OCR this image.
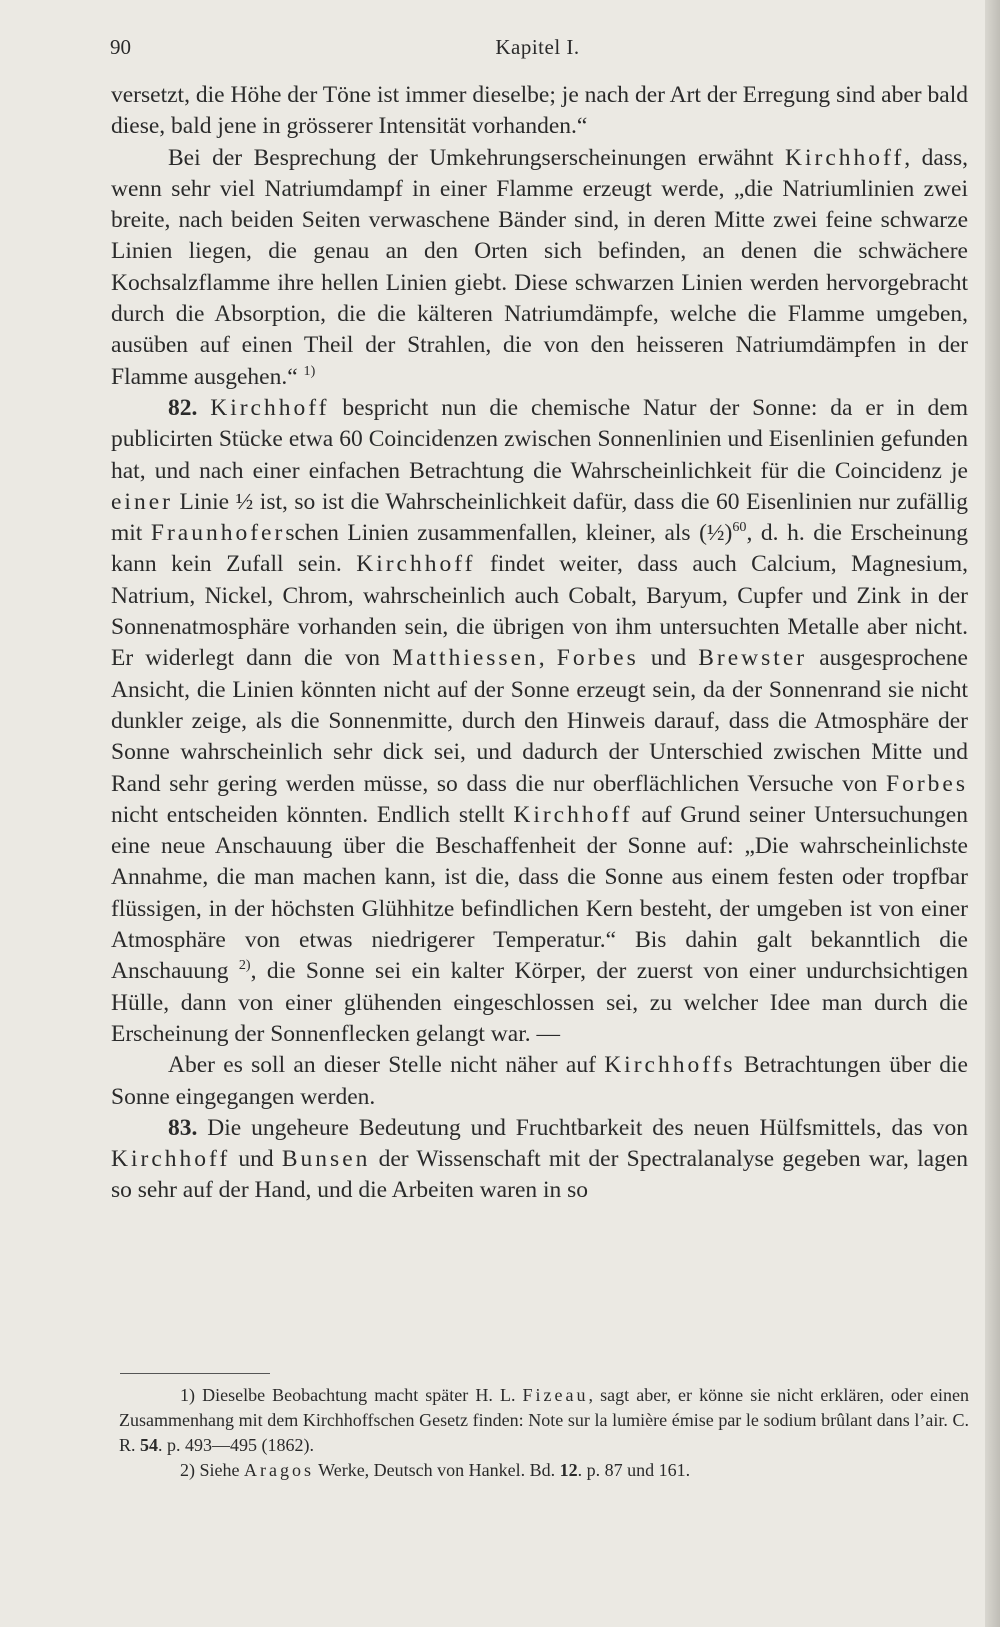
90	Kapitel I.

versetzt, die Höhe der Töne ist immer dieselbe; je nach der Art der Erregung sind aber bald diese, bald jene in grösserer Intensität vorhanden.“

Bei der Besprechung der Umkehrungserscheinungen erwähnt Kirchhoff, dass, wenn sehr viel Natriumdampf in einer Flamme erzeugt werde, „die Natriumlinien zwei breite, nach beiden Seiten verwaschene Bänder sind, in deren Mitte zwei feine schwarze Linien liegen, die genau an den Orten sich befinden, an denen die schwächere Kochsalzflamme ihre hellen Linien giebt. Diese schwarzen Linien werden hervorgebracht durch die Absorption, die die kälteren Natriumdämpfe, welche die Flamme umgeben, ausüben auf einen Theil der Strahlen, die von den heisseren Natriumdämpfen in der Flamme ausgehen.“ $^{1)}$

82. Kirchhoff bespricht nun die chemische Natur der Sonne: da er in dem publicirten Stücke etwa 60 Coincidenzen zwischen Sonnenlinien und Eisenlinien gefunden hat, und nach einer einfachen Betrachtung die Wahrscheinlichkeit für die Coincidenz je einer Linie ½ ist, so ist die Wahrscheinlichkeit dafür, dass die 60 Eisenlinien nur zufällig mit Fraunhoferschen Linien zusammenfallen, kleiner, als (½)$^{60}$, d. h. die Erscheinung kann kein Zufall sein. Kirchhoff findet weiter, dass auch Calcium, Magnesium, Natrium, Nickel, Chrom, wahrscheinlich auch Cobalt, Baryum, Cupfer und Zink in der Sonnenatmosphäre vorhanden sein, die übrigen von ihm untersuchten Metalle aber nicht. Er widerlegt dann die von Matthiessen, Forbes und Brewster ausgesprochene Ansicht, die Linien könnten nicht auf der Sonne erzeugt sein, da der Sonnenrand sie nicht dunkler zeige, als die Sonnenmitte, durch den Hinweis darauf, dass die Atmosphäre der Sonne wahrscheinlich sehr dick sei, und dadurch der Unterschied zwischen Mitte und Rand sehr gering werden müsse, so dass die nur oberflächlichen Versuche von Forbes nicht entscheiden könnten. Endlich stellt Kirchhoff auf Grund seiner Untersuchungen eine neue Anschauung über die Beschaffenheit der Sonne auf: „Die wahrscheinlichste Annahme, die man machen kann, ist die, dass die Sonne aus einem festen oder tropfbar flüssigen, in der höchsten Glühhitze befindlichen Kern besteht, der umgeben ist von einer Atmosphäre von etwas niedrigerer Temperatur.“ Bis dahin galt bekanntlich die Anschauung $^{2)}$, die Sonne sei ein kalter Körper, der zuerst von einer undurchsichtigen Hülle, dann von einer glühenden eingeschlossen sei, zu welcher Idee man durch die Erscheinung der Sonnenflecken gelangt war. —

Aber es soll an dieser Stelle nicht näher auf Kirchhoffs Betrachtungen über die Sonne eingegangen werden.

83. Die ungeheure Bedeutung und Fruchtbarkeit des neuen Hülfsmittels, das von Kirchhoff und Bunsen der Wissenschaft mit der Spectralanalyse gegeben war, lagen so sehr auf der Hand, und die Arbeiten waren in so

1) Dieselbe Beobachtung macht später H. L. Fizeau, sagt aber, er könne sie nicht erklären, oder einen Zusammenhang mit dem Kirchhoffschen Gesetz finden: Note sur la lumière émise par le sodium brûlant dans l’air. C. R. 54. p. 493—495 (1862).

2) Siehe Aragos Werke, Deutsch von Hankel. Bd. 12. p. 87 und 161.
